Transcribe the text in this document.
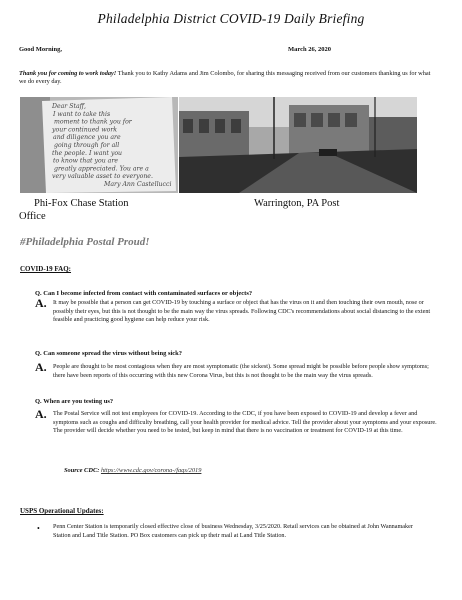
Philadelphia District COVID-19 Daily Briefing
Good Morning,	March 26, 2020
Thank you for coming to work today! Thank you to Kathy Adams and Jim Colombo, for sharing this messaging received from our customers thanking us for what we do every day.
Dear Staff, I want to take this moment to thank you for your continued work and diligence you are going through for all the people. I want you to know that you are greatly appreciated. You are a very valuable asset to everyone. Mary Ann Castellucci
Phi-Fox Chase Station
Office
Warrington, PA Post
#Philadelphia Postal Proud!
COVID-19 FAQ:
Q. Can I become infected from contact with contaminated surfaces or objects?
A. It may be possible that a person can get COVID-19 by touching a surface or object that has the virus on it and then touching their own mouth, nose or possibly their eyes, but this is not thought to be the main way the virus spreads. Following CDC's recommendations about social distancing to the extent feasible and practicing good hygiene can help reduce your risk.
Q. Can someone spread the virus without being sick?
A. People are thought to be most contagious when they are most symptomatic (the sickest). Some spread might be possible before people show symptoms; there have been reports of this occurring with this new Corona Virus, but this is not thought to be the main way the virus spreads.
Q. When are you testing us?
A. The Postal Service will not test employees for COVID-19. According to the CDC, if you have been exposed to COVID-19 and develop a fever and symptoms such as coughs and difficulty breathing, call your health provider for medical advice. Tell the provider about your symptoms and your exposure. The provider will decide whether you need to be tested, but keep in mind that there is no vaccination or treatment for COVID-19 at this time.
Source CDC: https://www.cdc.gov/corona-/faqs/2019
USPS Operational Updates:
• Penn Center Station is temporarily closed effective close of business Wednesday, 3/25/2020. Retail services can be obtained at John Wannamaker Station and Land Title Station. PO Box customers can pick up their mail at Land Title Station.
